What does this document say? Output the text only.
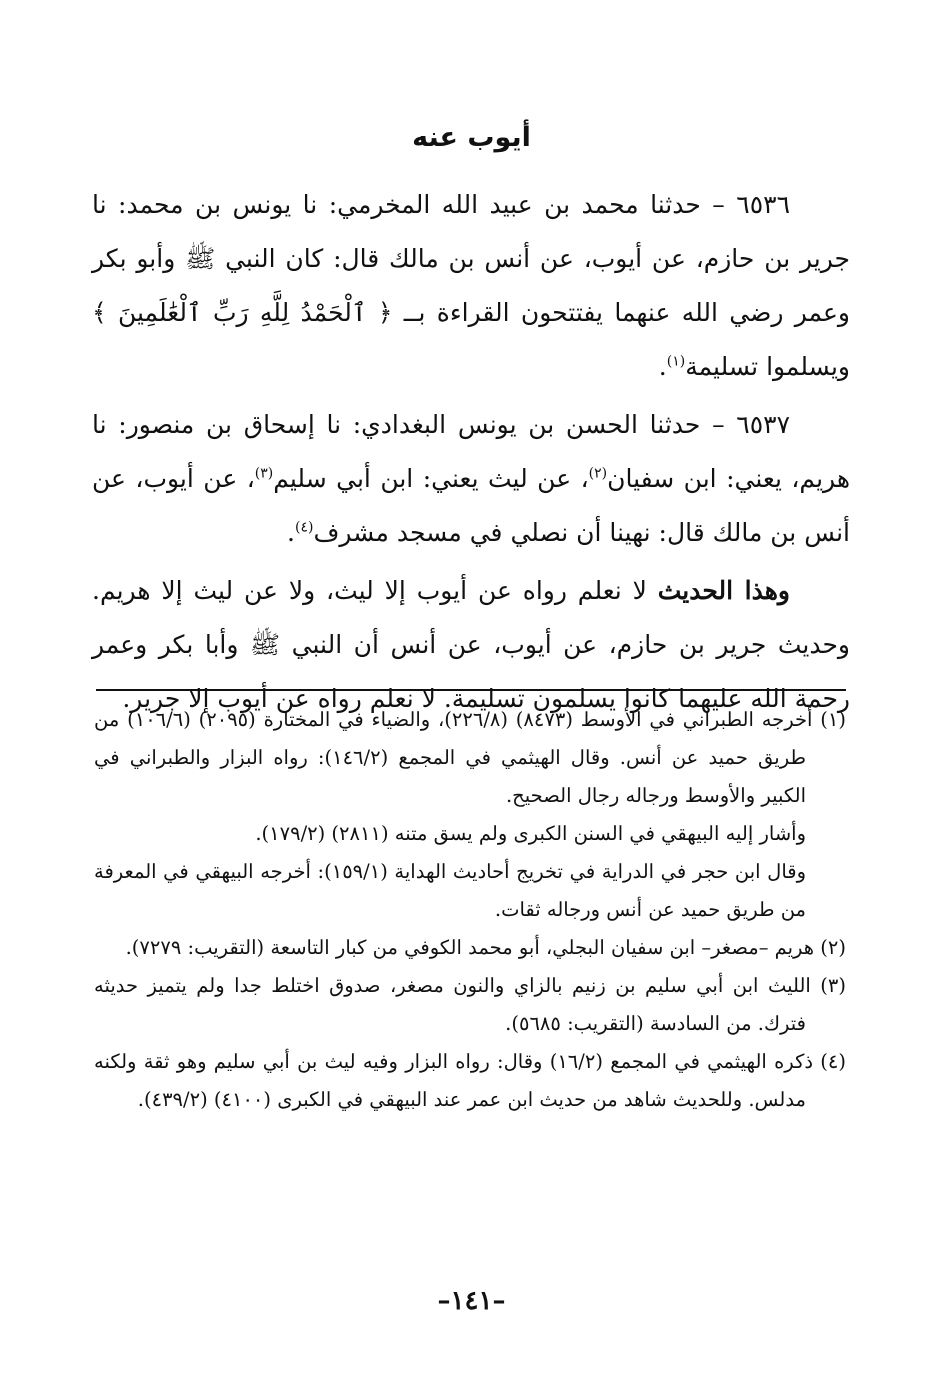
أيوب عنه

٦٥٣٦ – حدثنا محمد بن عبيد الله المخرمي: نا يونس بن محمد: نا جرير بن حازم، عن أيوب، عن أنس بن مالك قال: كان النبي ﷺ وأبو بكر وعمر رضي الله عنهما يفتتحون القراءة بــ ﴿ ٱلْحَمْدُ لِلَّهِ رَبِّ ٱلْعَٰلَمِينَ ﴾ ويسلموا تسليمة$^{(١)}$.

٦٥٣٧ – حدثنا الحسن بن يونس البغدادي: نا إسحاق بن منصور: نا هريم، يعني: ابن سفيان$^{(٢)}$، عن ليث يعني: ابن أبي سليم$^{(٣)}$، عن أيوب، عن أنس بن مالك قال: نهينا أن نصلي في مسجد مشرف$^{(٤)}$.

وهذا الحديث لا نعلم رواه عن أيوب إلا ليث، ولا عن ليث إلا هريم. وحديث جرير بن حازم، عن أيوب، عن أنس أن النبي ﷺ وأبا بكر وعمر رحمة الله عليهما كانوا يسلمون تسليمة. لا نعلم رواه عن أيوب إلا جرير.

(١) أخرجه الطبراني في الأوسط (٨٤٧٣) (٢٢٦/٨)، والضياء في المختارة (٢٠٩٥) (١٠٦/٦) من طريق حميد عن أنس. وقال الهيثمي في المجمع (١٤٦/٢): رواه البزار والطبراني في الكبير والأوسط ورجاله رجال الصحيح.

وأشار إليه البيهقي في السنن الكبرى ولم يسق متنه (٢٨١١) (١٧٩/٢).

وقال ابن حجر في الدراية في تخريج أحاديث الهداية (١٥٩/١): أخرجه البيهقي في المعرفة من طريق حميد عن أنس ورجاله ثقات.

(٢) هريم –مصغر– ابن سفيان البجلي، أبو محمد الكوفي من كبار التاسعة (التقريب: ٧٢٧٩).

(٣) الليث ابن أبي سليم بن زنيم بالزاي والنون مصغر، صدوق اختلط جدا ولم يتميز حديثه فترك. من السادسة (التقريب: ٥٦٨٥).

(٤) ذكره الهيثمي في المجمع (١٦/٢) وقال: رواه البزار وفيه ليث بن أبي سليم وهو ثقة ولكنه مدلس. وللحديث شاهد من حديث ابن عمر عند البيهقي في الكبرى (٤١٠٠) (٤٣٩/٢).

–١٤١–
